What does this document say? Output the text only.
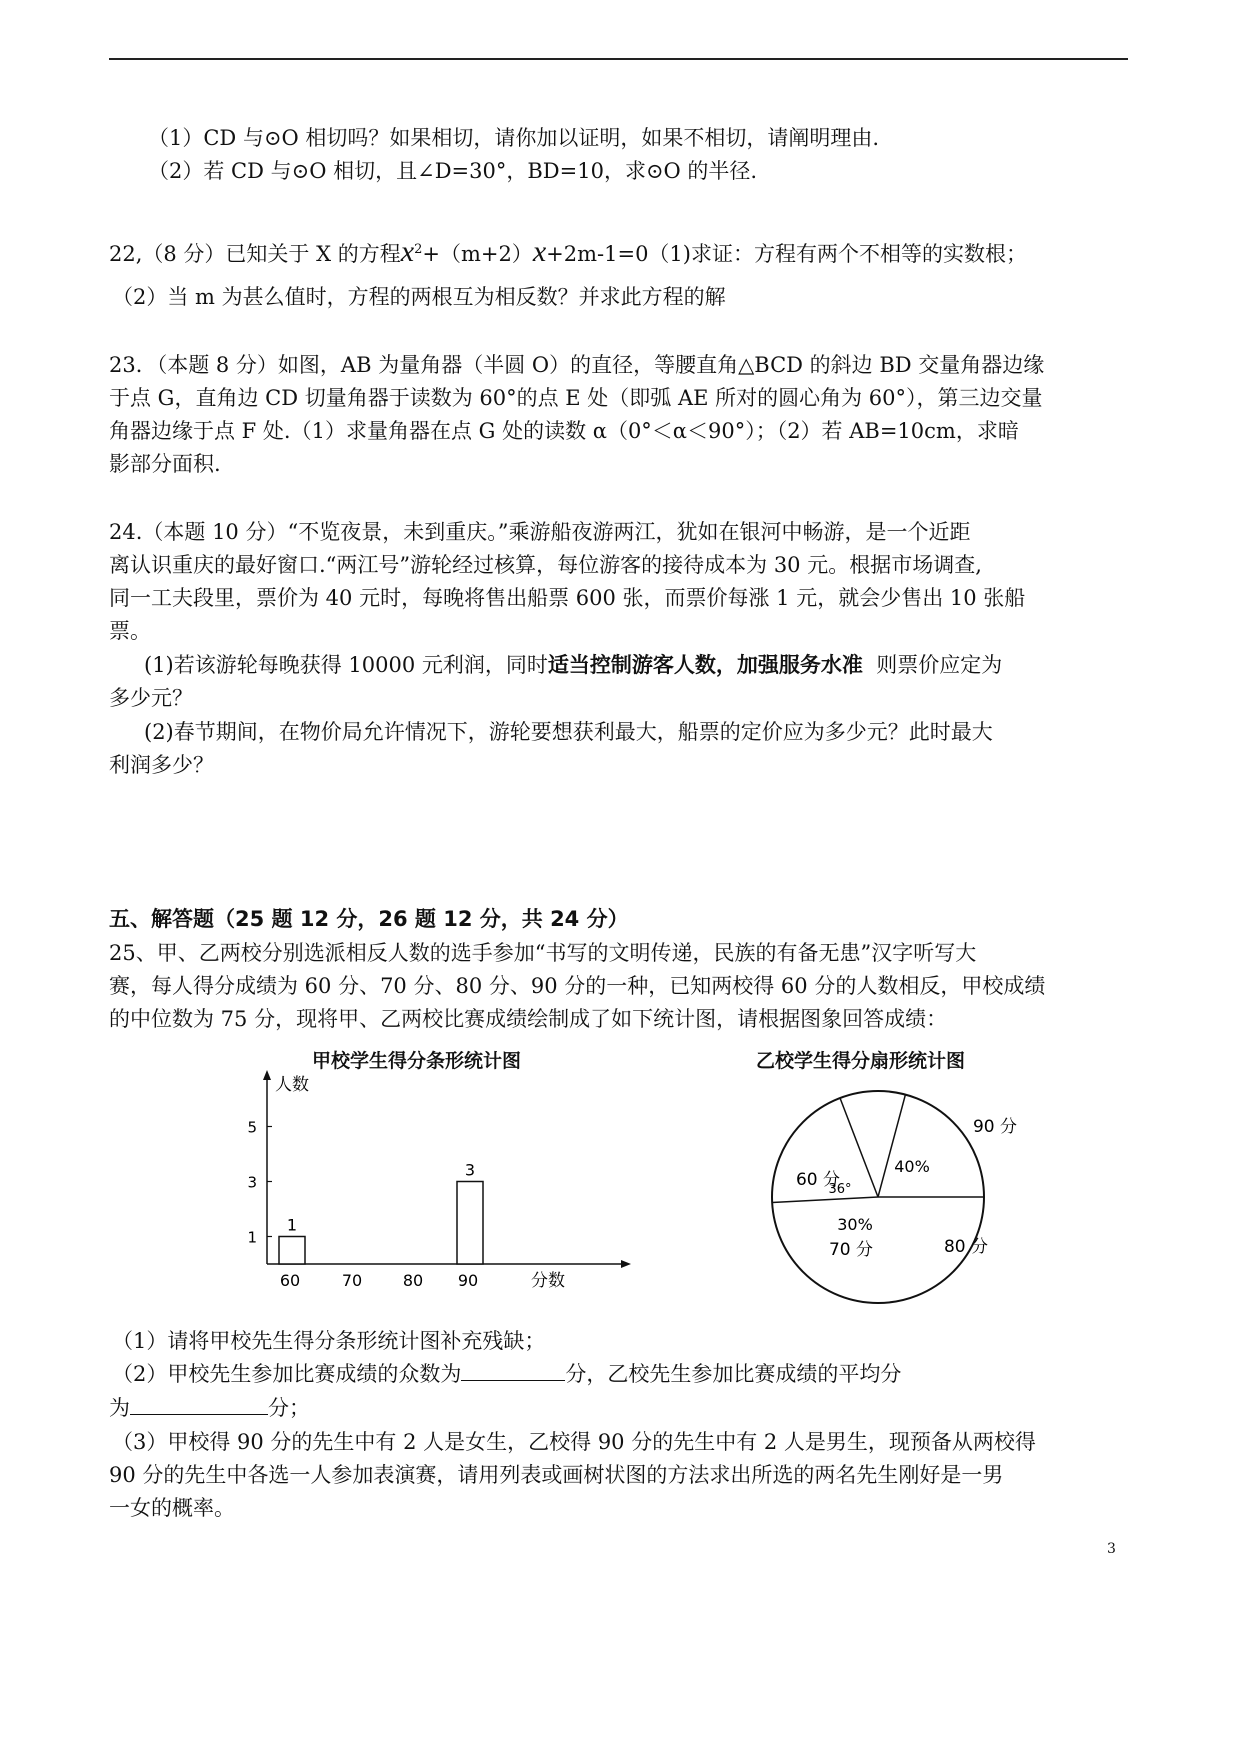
（1）CD 与⊙O 相切吗？如果相切，请你加以证明，如果不相切，请阐明理由.
（2）若 CD 与⊙O 相切，且∠D=30°，BD=10，求⊙O 的半径.
22,（8 分）已知关于 X 的方程$x^2+(m+2)x+2m-1=0(1)$求证：方程有两个不相等的实数根；
（2）当 m 为甚么值时，方程的两根互为相反数？并求此方程的解
23．（本题 8 分）如图，AB 为量角器（半圆 O）的直径，等腰直角△BCD 的斜边 BD 交量角器边缘
于点 G，直角边 CD 切量角器于读数为 60°的点 E 处（即弧 AE 所对的圆心角为 60°），第三边交量
角器边缘于点 F 处.（1）求量角器在点 G 处的读数 α（0°＜α＜90°）；（2）若 AB=10cm，求暗
影部分面积.
24.（本题 10 分）“不览夜景，未到重庆。”乘游船夜游两江，犹如在银河中畅游，是一个近距
离认识重庆的最好窗口.“两江号”游轮经过核算，每位游客的接待成本为 30 元。根据市场调查,
同一工夫段里，票价为 40 元时，每晚将售出船票 600 张，而票价每涨 1 元，就会少售出 10 张船
票。
(1)若该游轮每晚获得 10000 元利润，同时适当控制游客人数，加强服务水准 则票价应定为
多少元？
(2)春节期间，在物价局允许情况下，游轮要想获利最大，船票的定价应为多少元？此时最大
利润多少？
五、解答题（25 题 12 分，26 题 12 分，共 24 分）
25、甲、乙两校分别选派相反人数的选手参加“书写的文明传递，民族的有备无患”汉字听写大
赛，每人得分成绩为 60 分、70 分、80 分、90 分的一种，已知两校得 60 分的人数相反，甲校成绩
的中位数为 75 分，现将甲、乙两校比赛成绩绘制成了如下统计图，请根据图象回答成绩：
甲校学生得分条形统计图	乙校学生得分扇形统计图
人数
分数
1
3
5
60
1
70	80 90
3
90 分
80 分
70 分
60 分
40%
30%
36°
（1）请将甲校先生得分条形统计图补充残缺；
（2）甲校先生参加比赛成绩的众数为	分，乙校先生参加比赛成绩的平均分
为	分；
（3）甲校得 90 分的先生中有 2 人是女生，乙校得 90 分的先生中有 2 人是男生，现预备从两校得
90 分的先生中各选一人参加表演赛，请用列表或画树状图的方法求出所选的两名先生刚好是一男
一女的概率。
3
